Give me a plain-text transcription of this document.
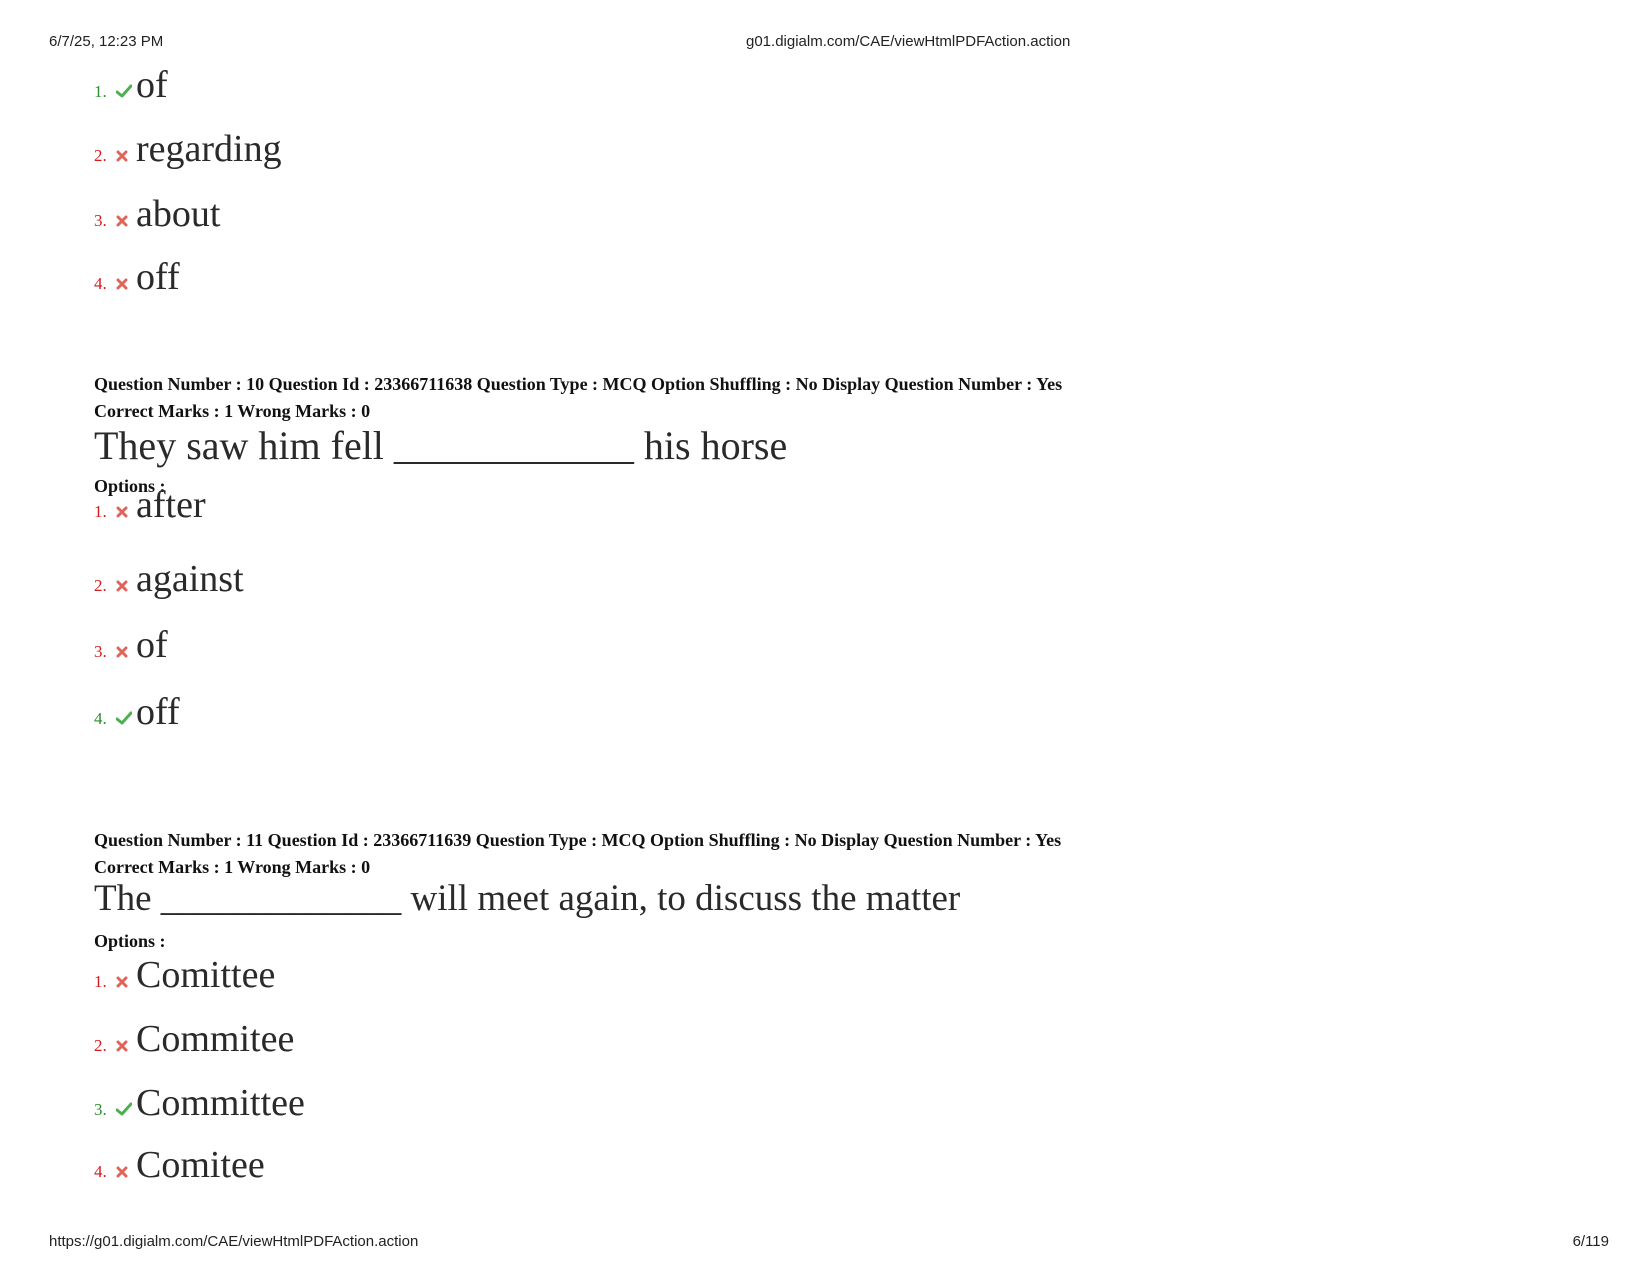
6/7/25, 12:23 PM	g01.digialm.com/CAE/viewHtmlPDFAction.action
1. of
2. regarding
3. about
4. off
Question Number : 10 Question Id : 23366711638 Question Type : MCQ Option Shuffling : No Display Question Number : Yes
Correct Marks : 1 Wrong Marks : 0
They saw him fell ____________ his horse
Options :
1. after
2. against
3. of
4. off
Question Number : 11 Question Id : 23366711639 Question Type : MCQ Option Shuffling : No Display Question Number : Yes
Correct Marks : 1 Wrong Marks : 0
The _____________ will meet again, to discuss the matter
Options :
1. Comittee
2. Commitee
3. Committee
4. Comitee
https://g01.digialm.com/CAE/viewHtmlPDFAction.action	6/119
